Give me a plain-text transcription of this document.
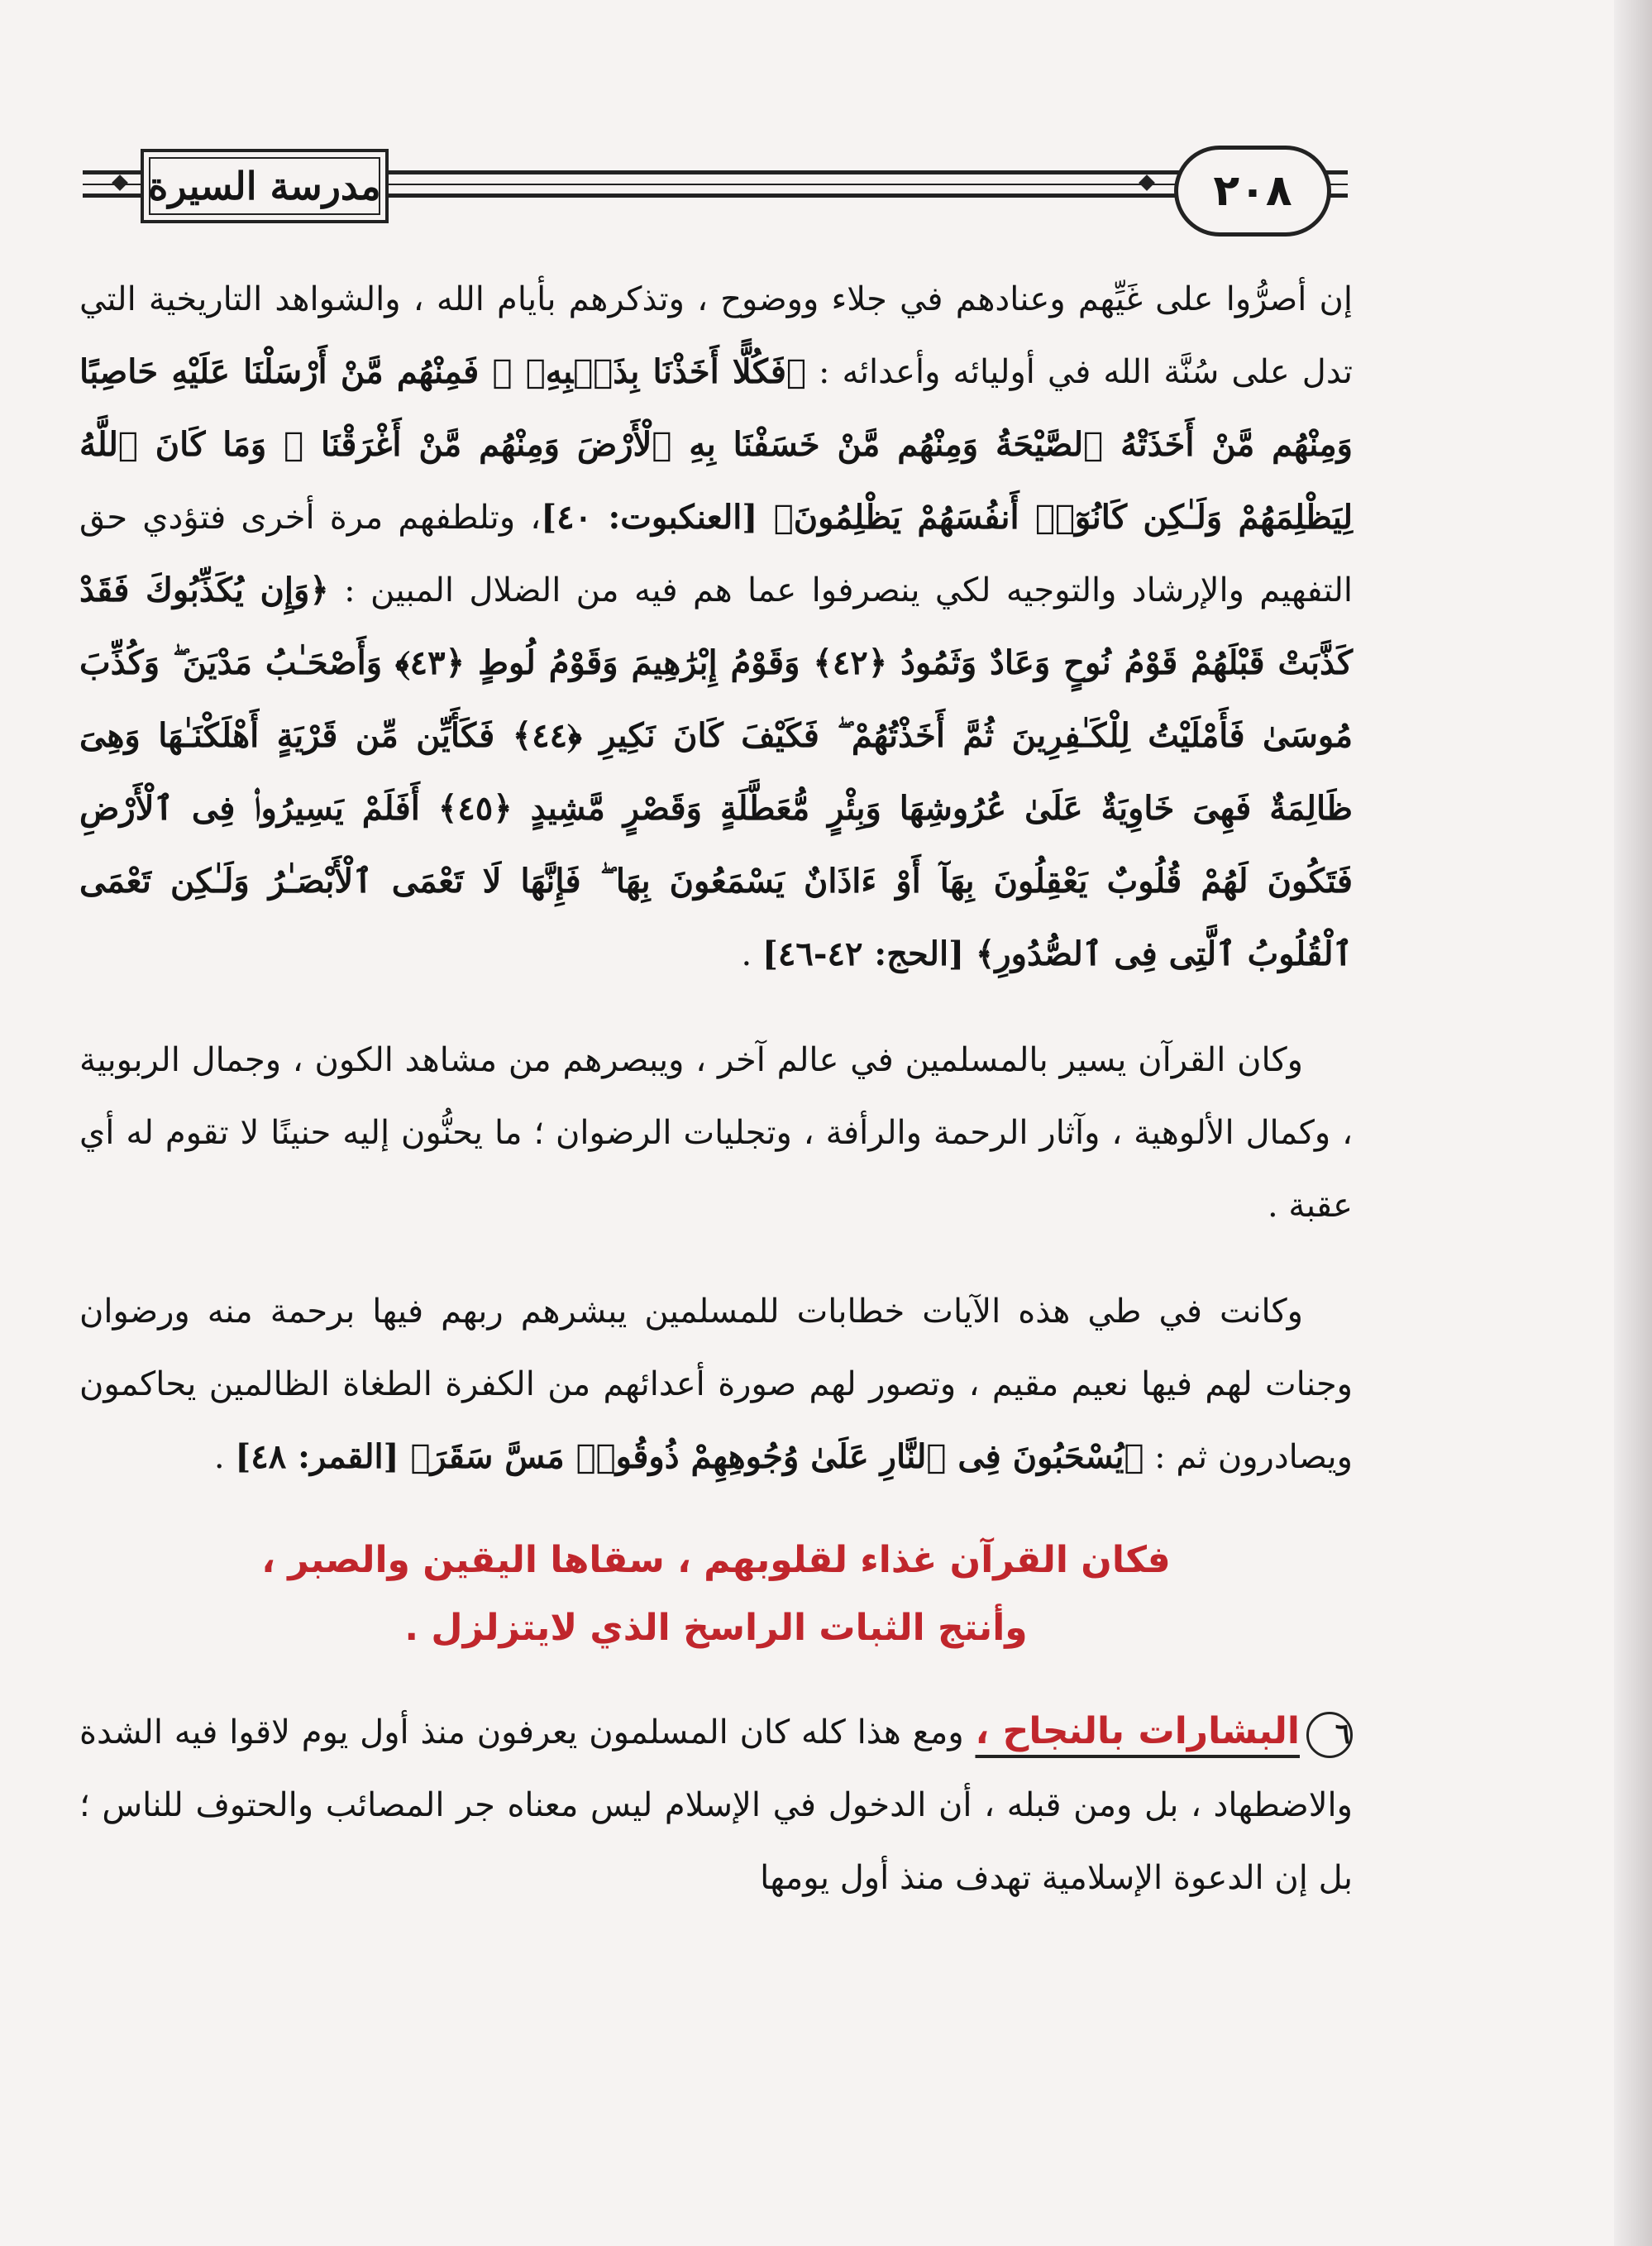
مدرسة السيرة	٢٠٨

إن أصرُّوا على غَيِّهم وعنادهم في جلاء ووضوح ، وتذكرهم بأيام الله ، والشواهد التاريخية التي تدل على سُنَّة الله في أوليائه وأعدائه : ﴿فَكُلًّا أَخَذْنَا بِذَنۢبِهِۦ ۖ فَمِنْهُم مَّنْ أَرْسَلْنَا عَلَيْهِ حَاصِبًا وَمِنْهُم مَّنْ أَخَذَتْهُ ٱلصَّيْحَةُ وَمِنْهُم مَّنْ خَسَفْنَا بِهِ ٱلْأَرْضَ وَمِنْهُم مَّنْ أَغْرَقْنَا ۚ وَمَا كَانَ ٱللَّهُ لِيَظْلِمَهُمْ وَلَـٰكِن كَانُوٓا۟ أَنفُسَهُمْ يَظْلِمُونَ﴾ [العنكبوت: ٤٠]، وتلطفهم مرة أخرى فتؤدي حق التفهيم والإرشاد والتوجيه لكي ينصرفوا عما هم فيه من الضلال المبين : ﴿وَإِن يُكَذِّبُوكَ فَقَدْ كَذَّبَتْ قَبْلَهُمْ قَوْمُ نُوحٍ وَعَادٌ وَثَمُودُ ﴿٤٢﴾ وَقَوْمُ إِبْرَٰهِيمَ وَقَوْمُ لُوطٍ ﴿٤٣﴾ وَأَصْحَـٰبُ مَدْيَنَ ۖ وَكُذِّبَ مُوسَىٰ فَأَمْلَيْتُ لِلْكَـٰفِرِينَ ثُمَّ أَخَذْتُهُمْ ۖ فَكَيْفَ كَانَ نَكِيرِ ﴿٤٤﴾ فَكَأَيِّن مِّن قَرْيَةٍ أَهْلَكْنَـٰهَا وَهِىَ ظَالِمَةٌ فَهِىَ خَاوِيَةٌ عَلَىٰ عُرُوشِهَا وَبِئْرٍ مُّعَطَّلَةٍ وَقَصْرٍ مَّشِيدٍ ﴿٤٥﴾ أَفَلَمْ يَسِيرُوا۟ فِى ٱلْأَرْضِ فَتَكُونَ لَهُمْ قُلُوبٌ يَعْقِلُونَ بِهَآ أَوْ ءَاذَانٌ يَسْمَعُونَ بِهَا ۖ فَإِنَّهَا لَا تَعْمَى ٱلْأَبْصَـٰرُ وَلَـٰكِن تَعْمَى ٱلْقُلُوبُ ٱلَّتِى فِى ٱلصُّدُورِ﴾ [الحج: ٤٢-٤٦] .

وكان القرآن يسير بالمسلمين في عالم آخر ، ويبصرهم من مشاهد الكون ، وجمال الربوبية ، وكمال الألوهية ، وآثار الرحمة والرأفة ، وتجليات الرضوان ؛ ما يحنُّون إليه حنينًا لا تقوم له أي عقبة .

وكانت في طي هذه الآيات خطابات للمسلمين يبشرهم ربهم فيها برحمة منه ورضوان وجنات لهم فيها نعيم مقيم ، وتصور لهم صورة أعدائهم من الكفرة الطغاة الظالمين يحاكمون ويصادرون ثم : ﴿يُسْحَبُونَ فِى ٱلنَّارِ عَلَىٰ وُجُوهِهِمْ ذُوقُوا۟ مَسَّ سَقَرَ﴾ [القمر: ٤٨] .

فكان القرآن غذاء لقلوبهم ، سقاها اليقين والصبر ،
وأنتج الثبات الراسخ الذي لايتزلزل .

٦البشارات بالنجاح ، ومع هذا كله كان المسلمون يعرفون منذ أول يوم لاقوا فيه الشدة والاضطهاد ، بل ومن قبله ، أن الدخول في الإسلام ليس معناه جر المصائب والحتوف للناس ؛ بل إن الدعوة الإسلامية تهدف منذ أول يومها
